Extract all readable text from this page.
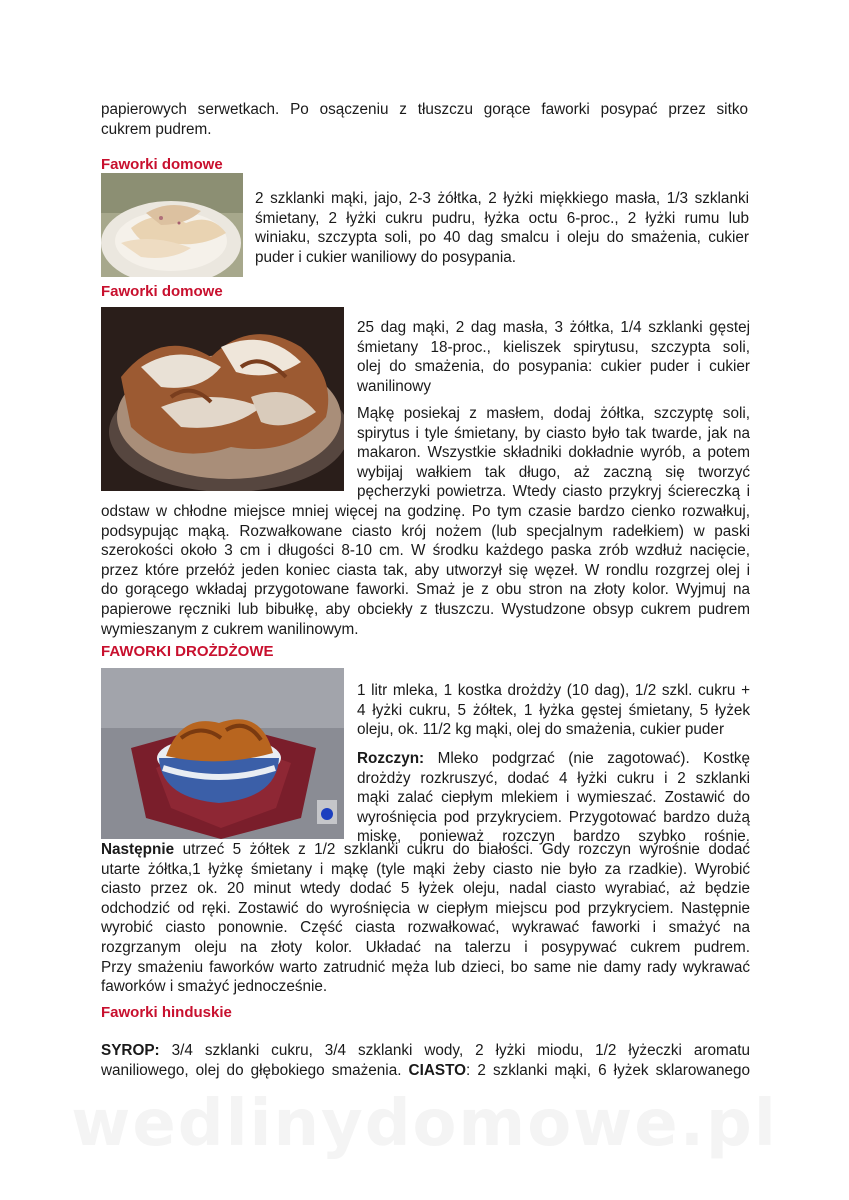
papierowych serwetkach. Po osączeniu z tłuszczu gorące faworki posypać przez sitko
cukrem pudrem.
Faworki domowe
2 szklanki mąki, jajo, 2-3 żółtka, 2 łyżki miękkiego masła, 1/3 szklanki
śmietany, 2 łyżki cukru pudru, łyżka octu 6-proc., 2 łyżki rumu lub
winiaku, szczypta soli, po 40 dag smalcu i oleju do smażenia, cukier
puder i cukier waniliowy do posypania.
Faworki domowe
25 dag mąki, 2 dag masła, 3 żółtka, 1/4 szklanki gęstej
śmietany 18-proc., kieliszek spirytusu, szczypta soli,
olej do smażenia, do posypania: cukier puder i cukier
wanilinowy
Mąkę posiekaj z masłem, dodaj żółtka, szczyptę soli,
spirytus i tyle śmietany, by ciasto było tak twarde, jak na
makaron. Wszystkie składniki dokładnie wyrób, a potem
wybijaj wałkiem tak długo, aż zaczną się tworzyć
pęcherzyki powietrza. Wtedy ciasto przykryj ściereczką i
odstaw w chłodne miejsce mniej więcej na godzinę. Po tym czasie bardzo cienko rozwałkuj,
podsypując mąką. Rozwałkowane ciasto krój nożem (lub specjalnym radełkiem) w paski
szerokości około 3 cm i długości 8-10 cm. W środku każdego paska zrób wzdłuż nacięcie,
przez które przełóż jeden koniec ciasta tak, aby utworzył się węzeł. W rondlu rozgrzej olej i
do gorącego wkładaj przygotowane faworki. Smaż je z obu stron na złoty kolor. Wyjmuj na
papierowe ręczniki lub bibułkę, aby obciekły z tłuszczu. Wystudzone obsyp cukrem pudrem
wymieszanym z cukrem wanilinowym.
FAWORKI DROŻDŻOWE
1 litr mleka, 1 kostka drożdży (10 dag), 1/2 szkl. cukru +
4 łyżki cukru, 5 żółtek, 1 łyżka gęstej śmietany, 5 łyżek
oleju, ok. 11/2 kg mąki, olej do smażenia, cukier puder
Rozczyn: Mleko podgrzać (nie zagotować). Kostkę
drożdży rozkruszyć, dodać 4 łyżki cukru i 2 szklanki
mąki zalać ciepłym mlekiem i wymieszać. Zostawić do
wyrośnięcia pod przykryciem. Przygotować bardzo dużą
miskę, ponieważ rozczyn bardzo szybko rośnie.
Następnie utrzeć 5 żółtek z 1/2 szklanki cukru do białości. Gdy rozczyn wyrośnie dodać
utarte żółtka,1 łyżkę śmietany i mąkę (tyle mąki żeby ciasto nie było za rzadkie). Wyrobić
ciasto przez ok. 20 minut wtedy dodać 5 łyżek oleju, nadal ciasto wyrabiać, aż będzie
odchodzić od ręki. Zostawić do wyrośnięcia w ciepłym miejscu pod przykryciem. Następnie
wyrobić ciasto ponownie. Część ciasta rozwałkować, wykrawać faworki i smażyć na
rozgrzanym oleju na złoty kolor. Układać na talerzu i posypywać cukrem pudrem.
Przy smażeniu faworków warto zatrudnić męża lub dzieci, bo same nie damy rady wykrawać
faworków i smażyć jednocześnie.
Faworki hinduskie
SYROP: 3/4 szklanki cukru, 3/4 szklanki wody, 2 łyżki miodu, 1/2 łyżeczki aromatu
waniliowego, olej do głębokiego smażenia. CIASTO: 2 szklanki mąki, 6 łyżek sklarowanego
wedlinydomowe.pl
